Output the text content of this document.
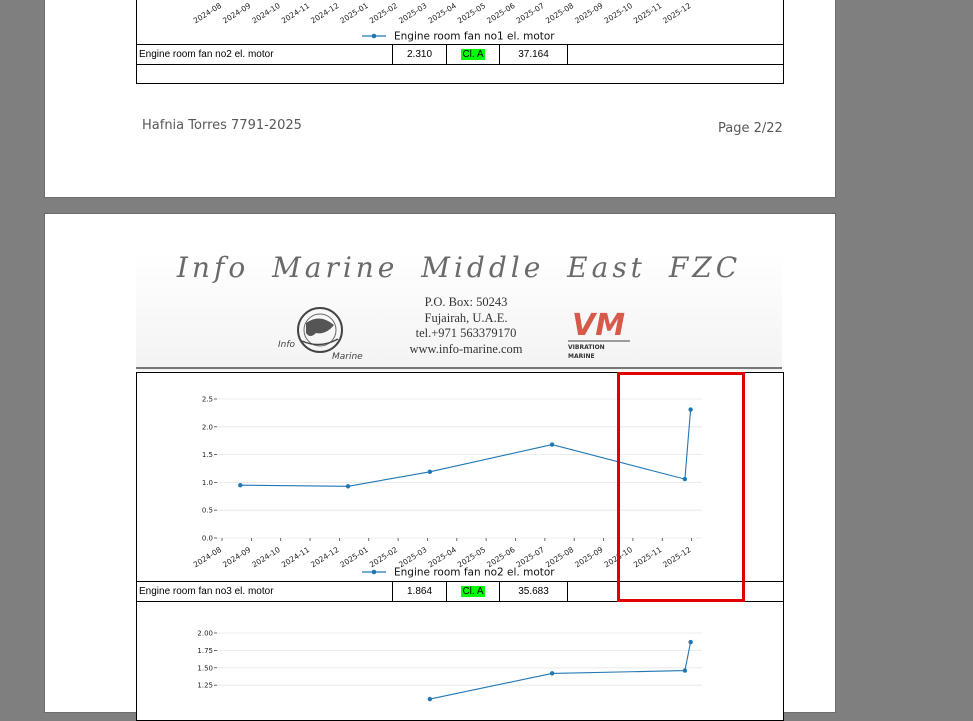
2024-08
2024-09
2024-10
2024-11
2024-12
2025-01
2025-02
2025-03
2025-04
2025-05
2025-06
2025-07
2025-08
2025-09
2025-10
2025-11
2025-12
Engine room fan no1 el. motor
Engine room fan no2 el. motor	2.310	Cl. A	37.164
Hafnia Torres 7791-2025	Page 2/22
Info Marine Middle East FZC
Info
Marine
P.O. Box: 50243
Fujairah, U.A.E.
tel.+971 563379170
www.info-marine.com
VM
VIBRATION
MARINE
0.0
0.5
1.0
1.5
2.0
2.5
2024-08
2024-09
2024-10
2024-11
2024-12
2025-01
2025-02
2025-03
2025-04
2025-05
2025-06
2025-07
2025-08
2025-09
2025-10
2025-11
2025-12
Engine room fan no2 el. motor
Engine room fan no3 el. motor	1.864	Cl. A	35.683
1.25
1.50
1.75
2.00
